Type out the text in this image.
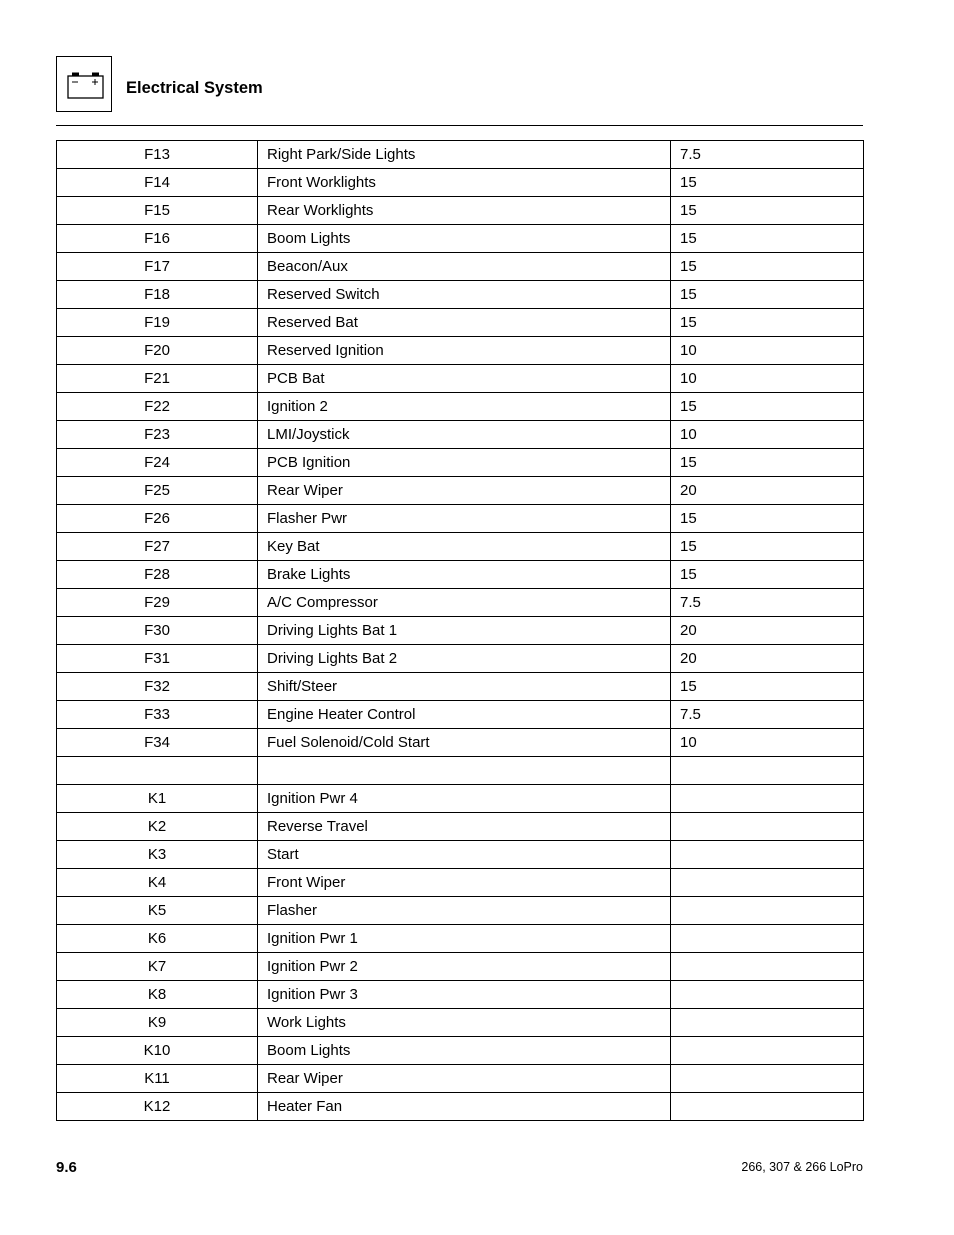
Electrical System
F13	Right Park/Side Lights	7.5
F14	Front Worklights	15
F15	Rear Worklights	15
F16	Boom Lights	15
F17	Beacon/Aux	15
F18	Reserved Switch	15
F19	Reserved Bat	15
F20	Reserved Ignition	10
F21	PCB Bat	10
F22	Ignition 2	15
F23	LMI/Joystick	10
F24	PCB Ignition	15
F25	Rear Wiper	20
F26	Flasher Pwr	15
F27	Key Bat	15
F28	Brake Lights	15
F29	A/C Compressor	7.5
F30	Driving Lights Bat 1	20
F31	Driving Lights Bat 2	20
F32	Shift/Steer	15
F33	Engine Heater Control	7.5
F34	Fuel Solenoid/Cold Start	10

K1	Ignition Pwr 4	
K2	Reverse Travel	
K3	Start	
K4	Front Wiper	
K5	Flasher	
K6	Ignition Pwr 1	
K7	Ignition Pwr 2	
K8	Ignition Pwr 3	
K9	Work Lights	
K10	Boom Lights	
K11	Rear Wiper	
K12	Heater Fan	
9.6	266, 307 & 266 LoPro
